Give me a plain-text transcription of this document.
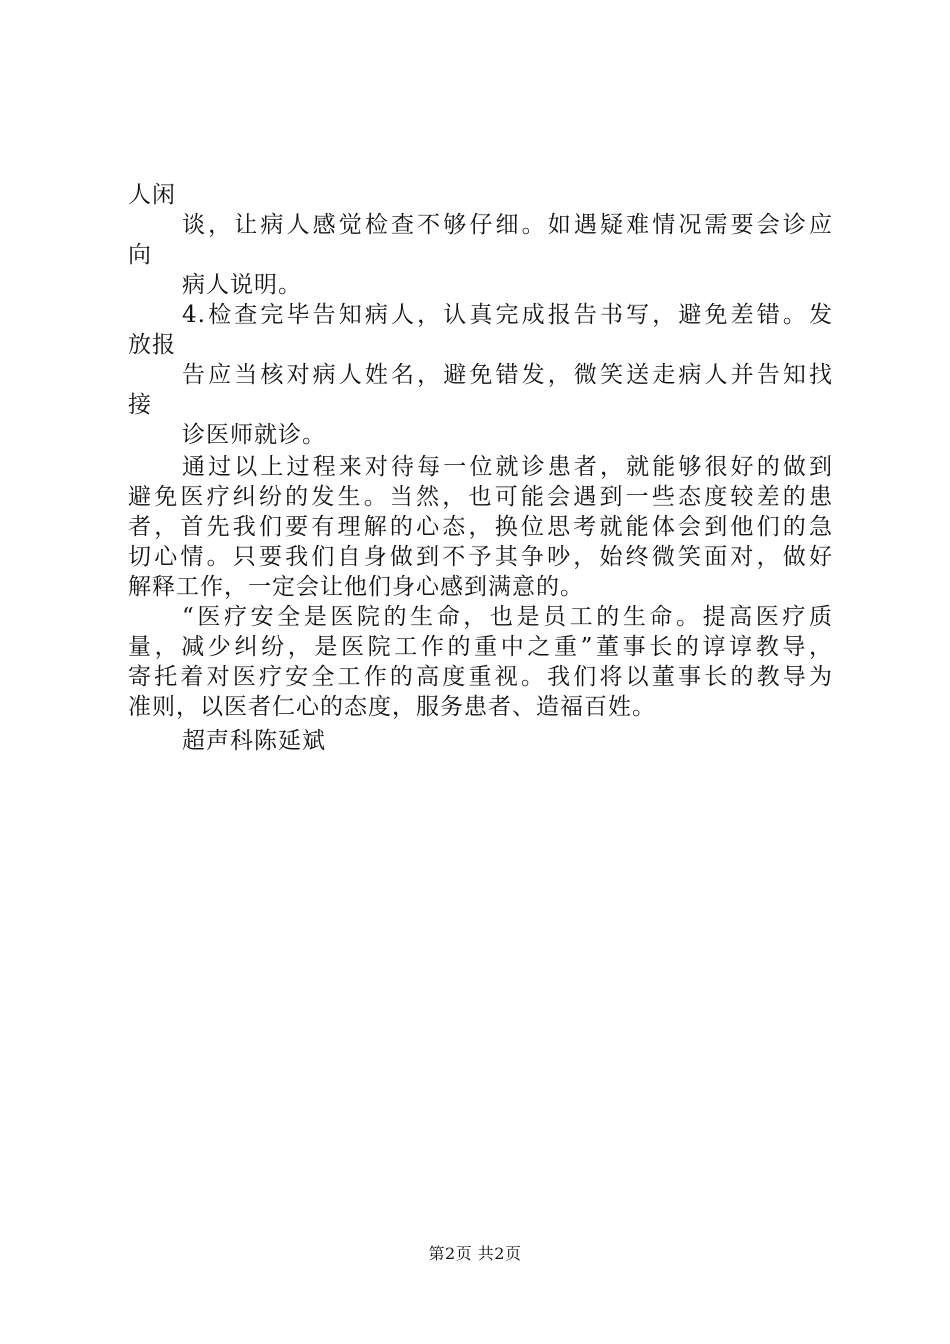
人闲
谈，让病人感觉检查不够仔细。如遇疑难情况需要会诊应
向
病人说明。
4.检查完毕告知病人，认真完成报告书写，避免差错。发
放报
告应当核对病人姓名，避免错发，微笑送走病人并告知找
接
诊医师就诊。
通过以上过程来对待每一位就诊患者，就能够很好的做到
避免医疗纠纷的发生。当然，也可能会遇到一些态度较差的患
者，首先我们要有理解的心态，换位思考就能体会到他们的急
切心情。只要我们自身做到不予其争吵，始终微笑面对，做好
解释工作，一定会让他们身心感到满意的。
“医疗安全是医院的生命，也是员工的生命。提高医疗质
量，减少纠纷，是医院工作的重中之重”董事长的谆谆教导，
寄托着对医疗安全工作的高度重视。我们将以董事长的教导为
准则，以医者仁心的态度，服务患者、造福百姓。
超声科陈延斌
第2页 共2页
